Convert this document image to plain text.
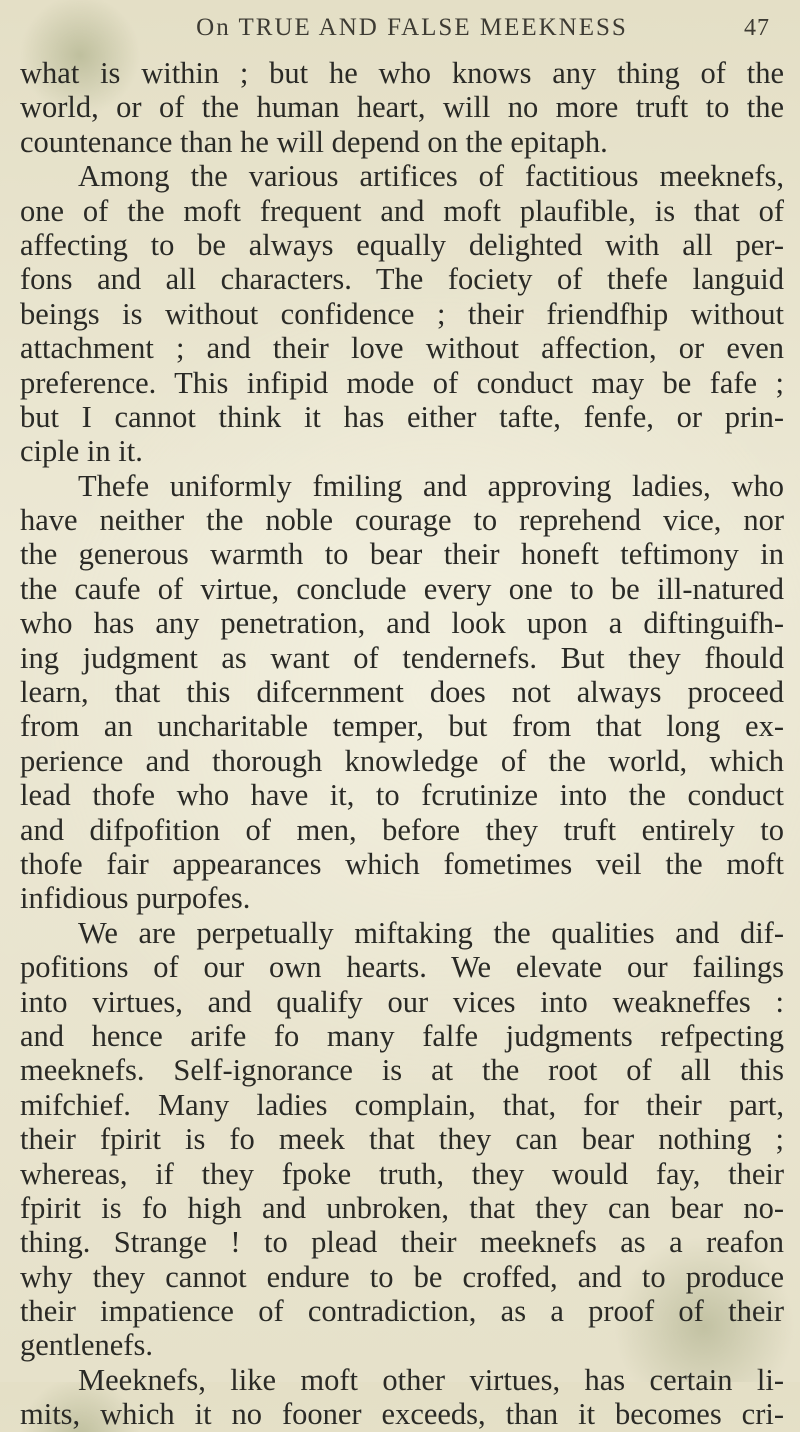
On TRUE AND FALSE MEEKNESS	47
what is within ; but he who knows any thing of the
world, or of the human heart, will no more truft to the
countenance than he will depend on the epitaph.
Among the various artifices of factitious meeknefs,
one of the moft frequent and moft plaufible, is that of
affecting to be always equally delighted with all per-
fons and all characters. The fociety of thefe languid
beings is without confidence ; their friendfhip without
attachment ; and their love without affection, or even
preference. This infipid mode of conduct may be fafe ;
but I cannot think it has either tafte, fenfe, or prin-
ciple in it.
Thefe uniformly fmiling and approving ladies, who
have neither the noble courage to reprehend vice, nor
the generous warmth to bear their honeft teftimony in
the caufe of virtue, conclude every one to be ill-natured
who has any penetration, and look upon a diftinguifh-
ing judgment as want of tendernefs. But they fhould
learn, that this difcernment does not always proceed
from an uncharitable temper, but from that long ex-
perience and thorough knowledge of the world, which
lead thofe who have it, to fcrutinize into the conduct
and difpofition of men, before they truft entirely to
thofe fair appearances which fometimes veil the moft
infidious purpofes.
We are perpetually miftaking the qualities and dif-
pofitions of our own hearts. We elevate our failings
into virtues, and qualify our vices into weakneffes :
and hence arife fo many falfe judgments refpecting
meeknefs. Self-ignorance is at the root of all this
mifchief. Many ladies complain, that, for their part,
their fpirit is fo meek that they can bear nothing ;
whereas, if they fpoke truth, they would fay, their
fpirit is fo high and unbroken, that they can bear no-
thing. Strange ! to plead their meeknefs as a reafon
why they cannot endure to be croffed, and to produce
their impatience of contradiction, as a proof of their
gentlenefs.
Meeknefs, like moft other virtues, has certain li-
mits, which it no fooner exceeds, than it becomes cri-
